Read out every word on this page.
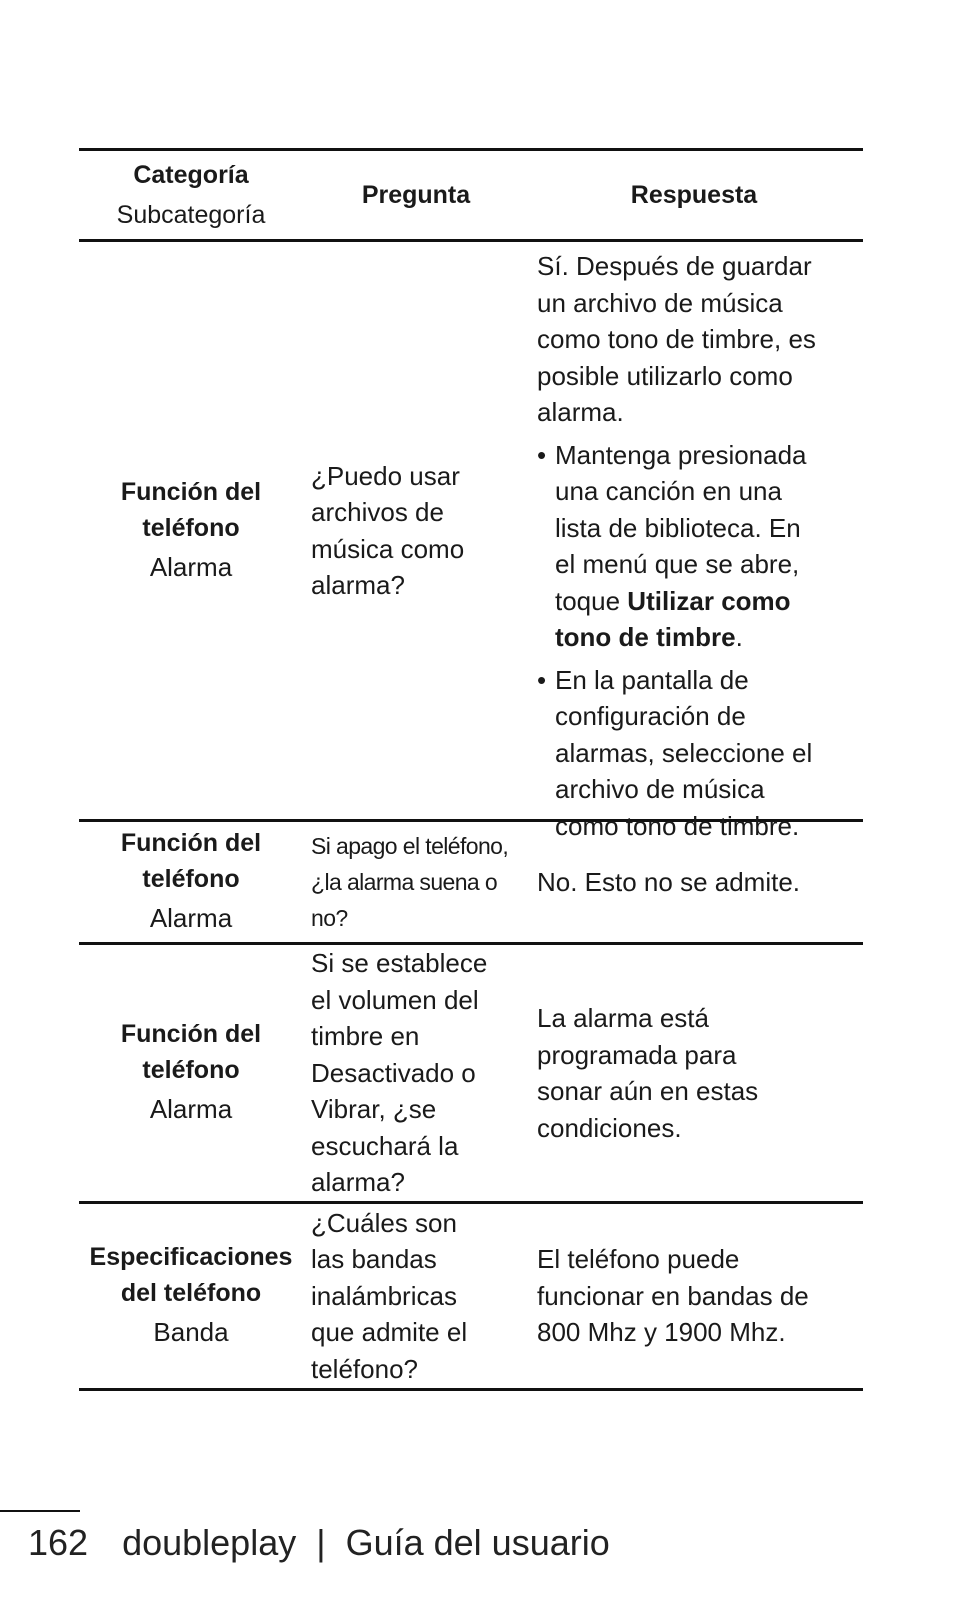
Categoría
Subcategoría
Pregunta	Respuesta
Función del teléfono
Alarma
¿Puedo usar archivos de música como alarma?
Sí. Después de guardar un archivo de música como tono de timbre, es posible utilizarlo como alarma.
• Mantenga presionada una canción en una lista de biblioteca. En el menú que se abre, toque Utilizar como tono de timbre.
• En la pantalla de configuración de alarmas, seleccione el archivo de música como tono de timbre.
Función del teléfono
Alarma
Si apago el teléfono, ¿la alarma suena o no?
No. Esto no se admite.
Función del teléfono
Alarma
Si se establece el volumen del timbre en Desactivado o Vibrar, ¿se escuchará la alarma?
La alarma está programada para sonar aún en estas condiciones.
Especificaciones del teléfono
Banda
¿Cuáles son las bandas inalámbricas que admite el teléfono?
El teléfono puede funcionar en bandas de 800 Mhz y 1900 Mhz.
162 doubleplay | Guía del usuario
